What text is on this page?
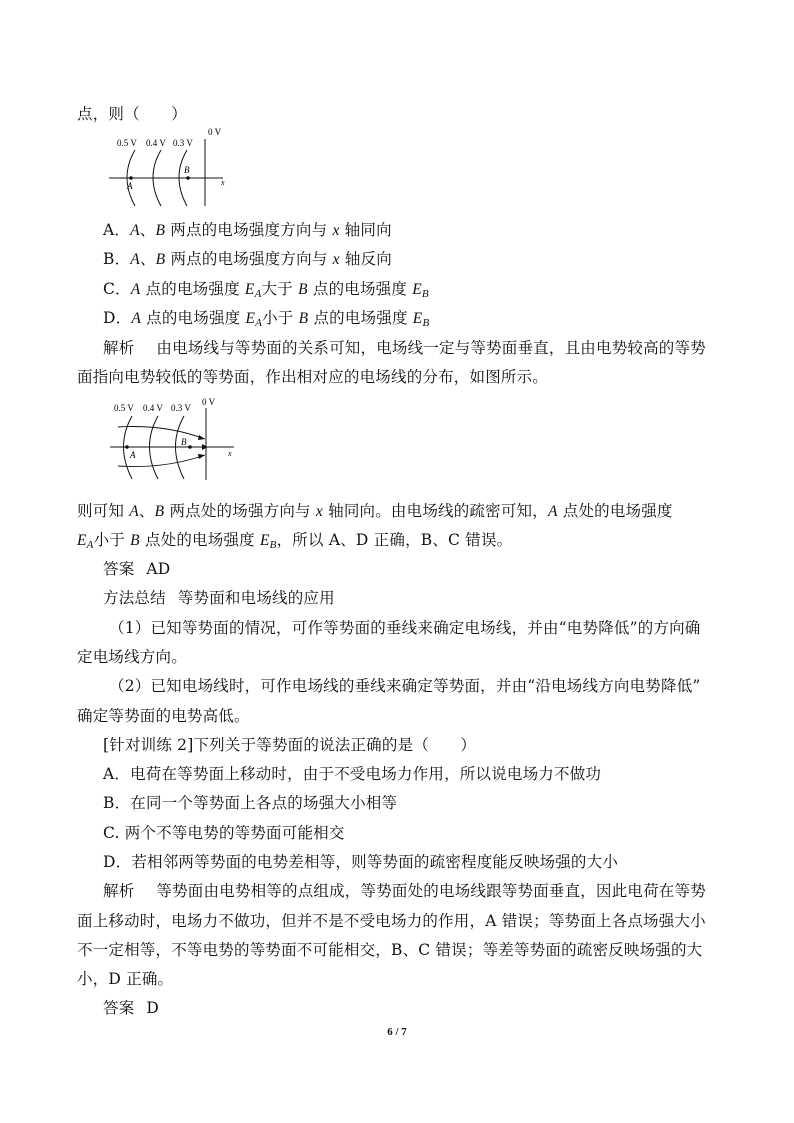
点，则（　　）
0 V
0.5 V 0.4 V 0.3 V
A
B
x
A．A、B 两点的电场强度方向与 x 轴同向
B．A、B 两点的电场强度方向与 x 轴反向
C．A 点的电场强度 $E_A$大于 B 点的电场强度 $E_B$
D．A 点的电场强度 $E_A$小于 B 点的电场强度 $E_B$
解析 由电场线与等势面的关系可知，电场线一定与等势面垂直，且由电势较高的等势
面指向电势较低的等势面，作出相对应的电场线的分布，如图所示。
0 V
0.5 V 0.4 V 0.3 V
A
B
x
则可知 A、B 两点处的场强方向与 x 轴同向。由电场线的疏密可知，A 点处的电场强度
$E_A$小于 B 点处的电场强度 $E_B$，所以 A、D 正确，B、C 错误。
答案 AD
方法总结 等势面和电场线的应用
（1）已知等势面的情况，可作等势面的垂线来确定电场线，并由“电势降低”的方向确
定电场线方向。
（2）已知电场线时，可作电场线的垂线来确定等势面，并由“沿电场线方向电势降低”
确定等势面的电势高低。
[针对训练 2]下列关于等势面的说法正确的是（　　）
A．电荷在等势面上移动时，由于不受电场力作用，所以说电场力不做功
B．在同一个等势面上各点的场强大小相等
C. 两个不等电势的等势面可能相交
D．若相邻两等势面的电势差相等，则等势面的疏密程度能反映场强的大小
解析 等势面由电势相等的点组成，等势面处的电场线跟等势面垂直，因此电荷在等势
面上移动时，电场力不做功，但并不是不受电场力的作用，A 错误；等势面上各点场强大小
不一定相等，不等电势的等势面不可能相交，B、C 错误；等差等势面的疏密反映场强的大
小，D 正确。
答案 D
6 / 7
